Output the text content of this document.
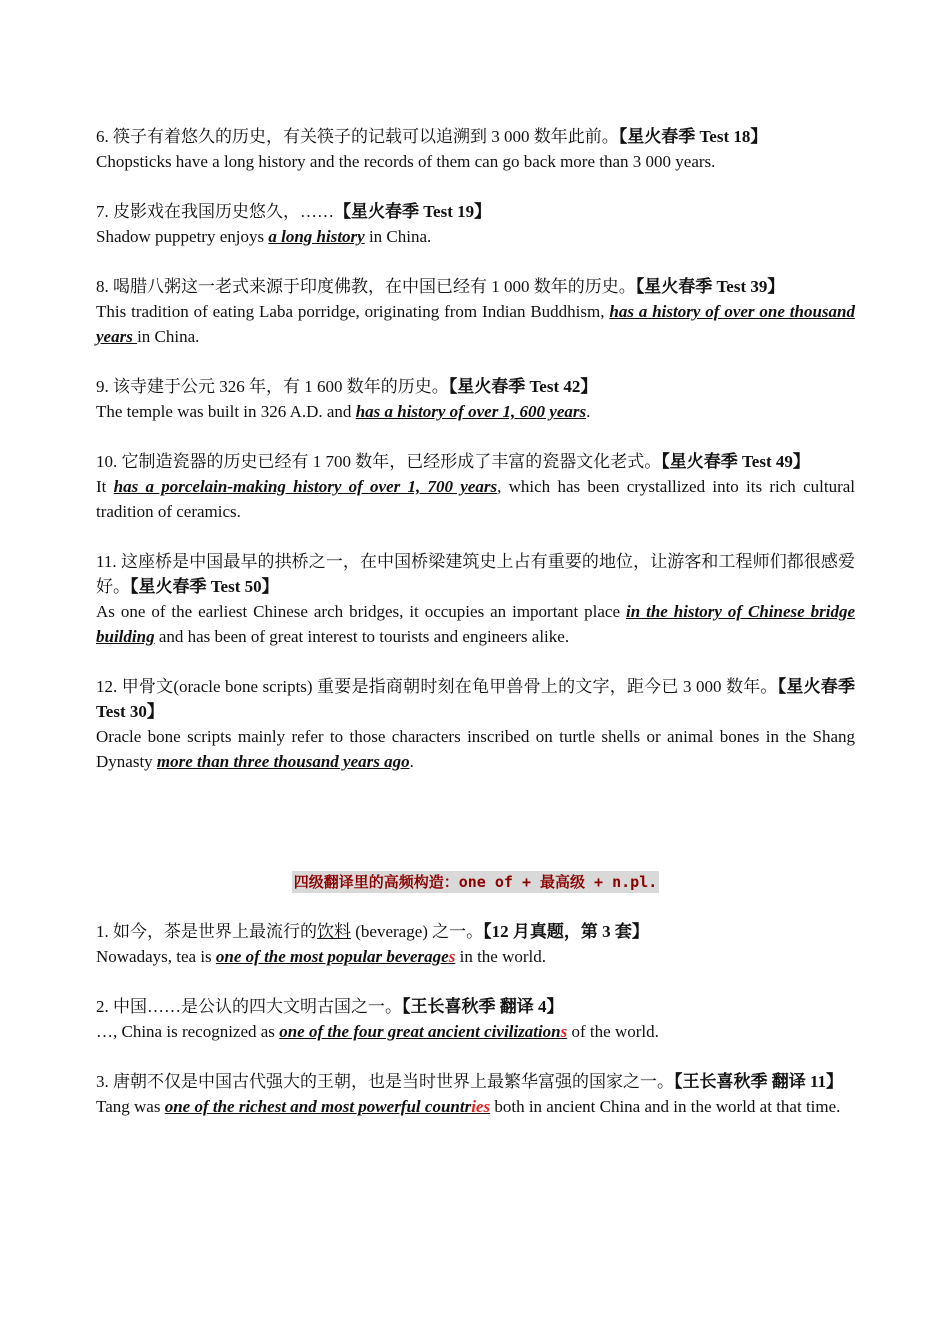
6. 筷子有着悠久的历史，有关筷子的记载可以追溯到 3 000 数年此前。【星火春季 Test 18】
Chopsticks have a long history and the records of them can go back more than 3 000 years.
7. 皮影戏在我国历史悠久，……【星火春季 Test 19】
Shadow puppetry enjoys a long history in China.
8. 喝腊八粥这一老式来源于印度佛教，在中国已经有 1 000 数年的历史。【星火春季 Test 39】
This tradition of eating Laba porridge, originating from Indian Buddhism, has a history of over one thousand years in China.
9. 该寺建于公元 326 年，有 1 600 数年的历史。【星火春季 Test 42】
The temple was built in 326 A.D. and has a history of over 1, 600 years.
10. 它制造瓷器的历史已经有 1 700 数年，已经形成了丰富的瓷器文化老式。【星火春季 Test 49】
It has a porcelain-making history of over 1, 700 years, which has been crystallized into its rich cultural tradition of ceramics.
11. 这座桥是中国最早的拱桥之一，在中国桥梁建筑史上占有重要的地位，让游客和工程师们都很感爱好。【星火春季 Test 50】
As one of the earliest Chinese arch bridges, it occupies an important place in the history of Chinese bridge building and has been of great interest to tourists and engineers alike.
12. 甲骨文(oracle bone scripts) 重要是指商朝时刻在龟甲兽骨上的文字，距今已 3 000 数年。【星火春季 Test 30】
Oracle bone scripts mainly refer to those characters inscribed on turtle shells or animal bones in the Shang Dynasty more than three thousand years ago.
四级翻译里的高频构造：one of + 最高级 + n.pl.
1. 如今，茶是世界上最流行的饮料 (beverage) 之一。【12 月真题，第 3 套】
Nowadays, tea is one of the most popular beverages in the world.
2. 中国……是公认的四大文明古国之一。【王长喜秋季 翻译 4】
…, China is recognized as one of the four great ancient civilizations of the world.
3. 唐朝不仅是中国古代强大的王朝，也是当时世界上最繁华富强的国家之一。【王长喜秋季 翻译 11】
Tang was one of the richest and most powerful countries both in ancient China and in the world at that time.
